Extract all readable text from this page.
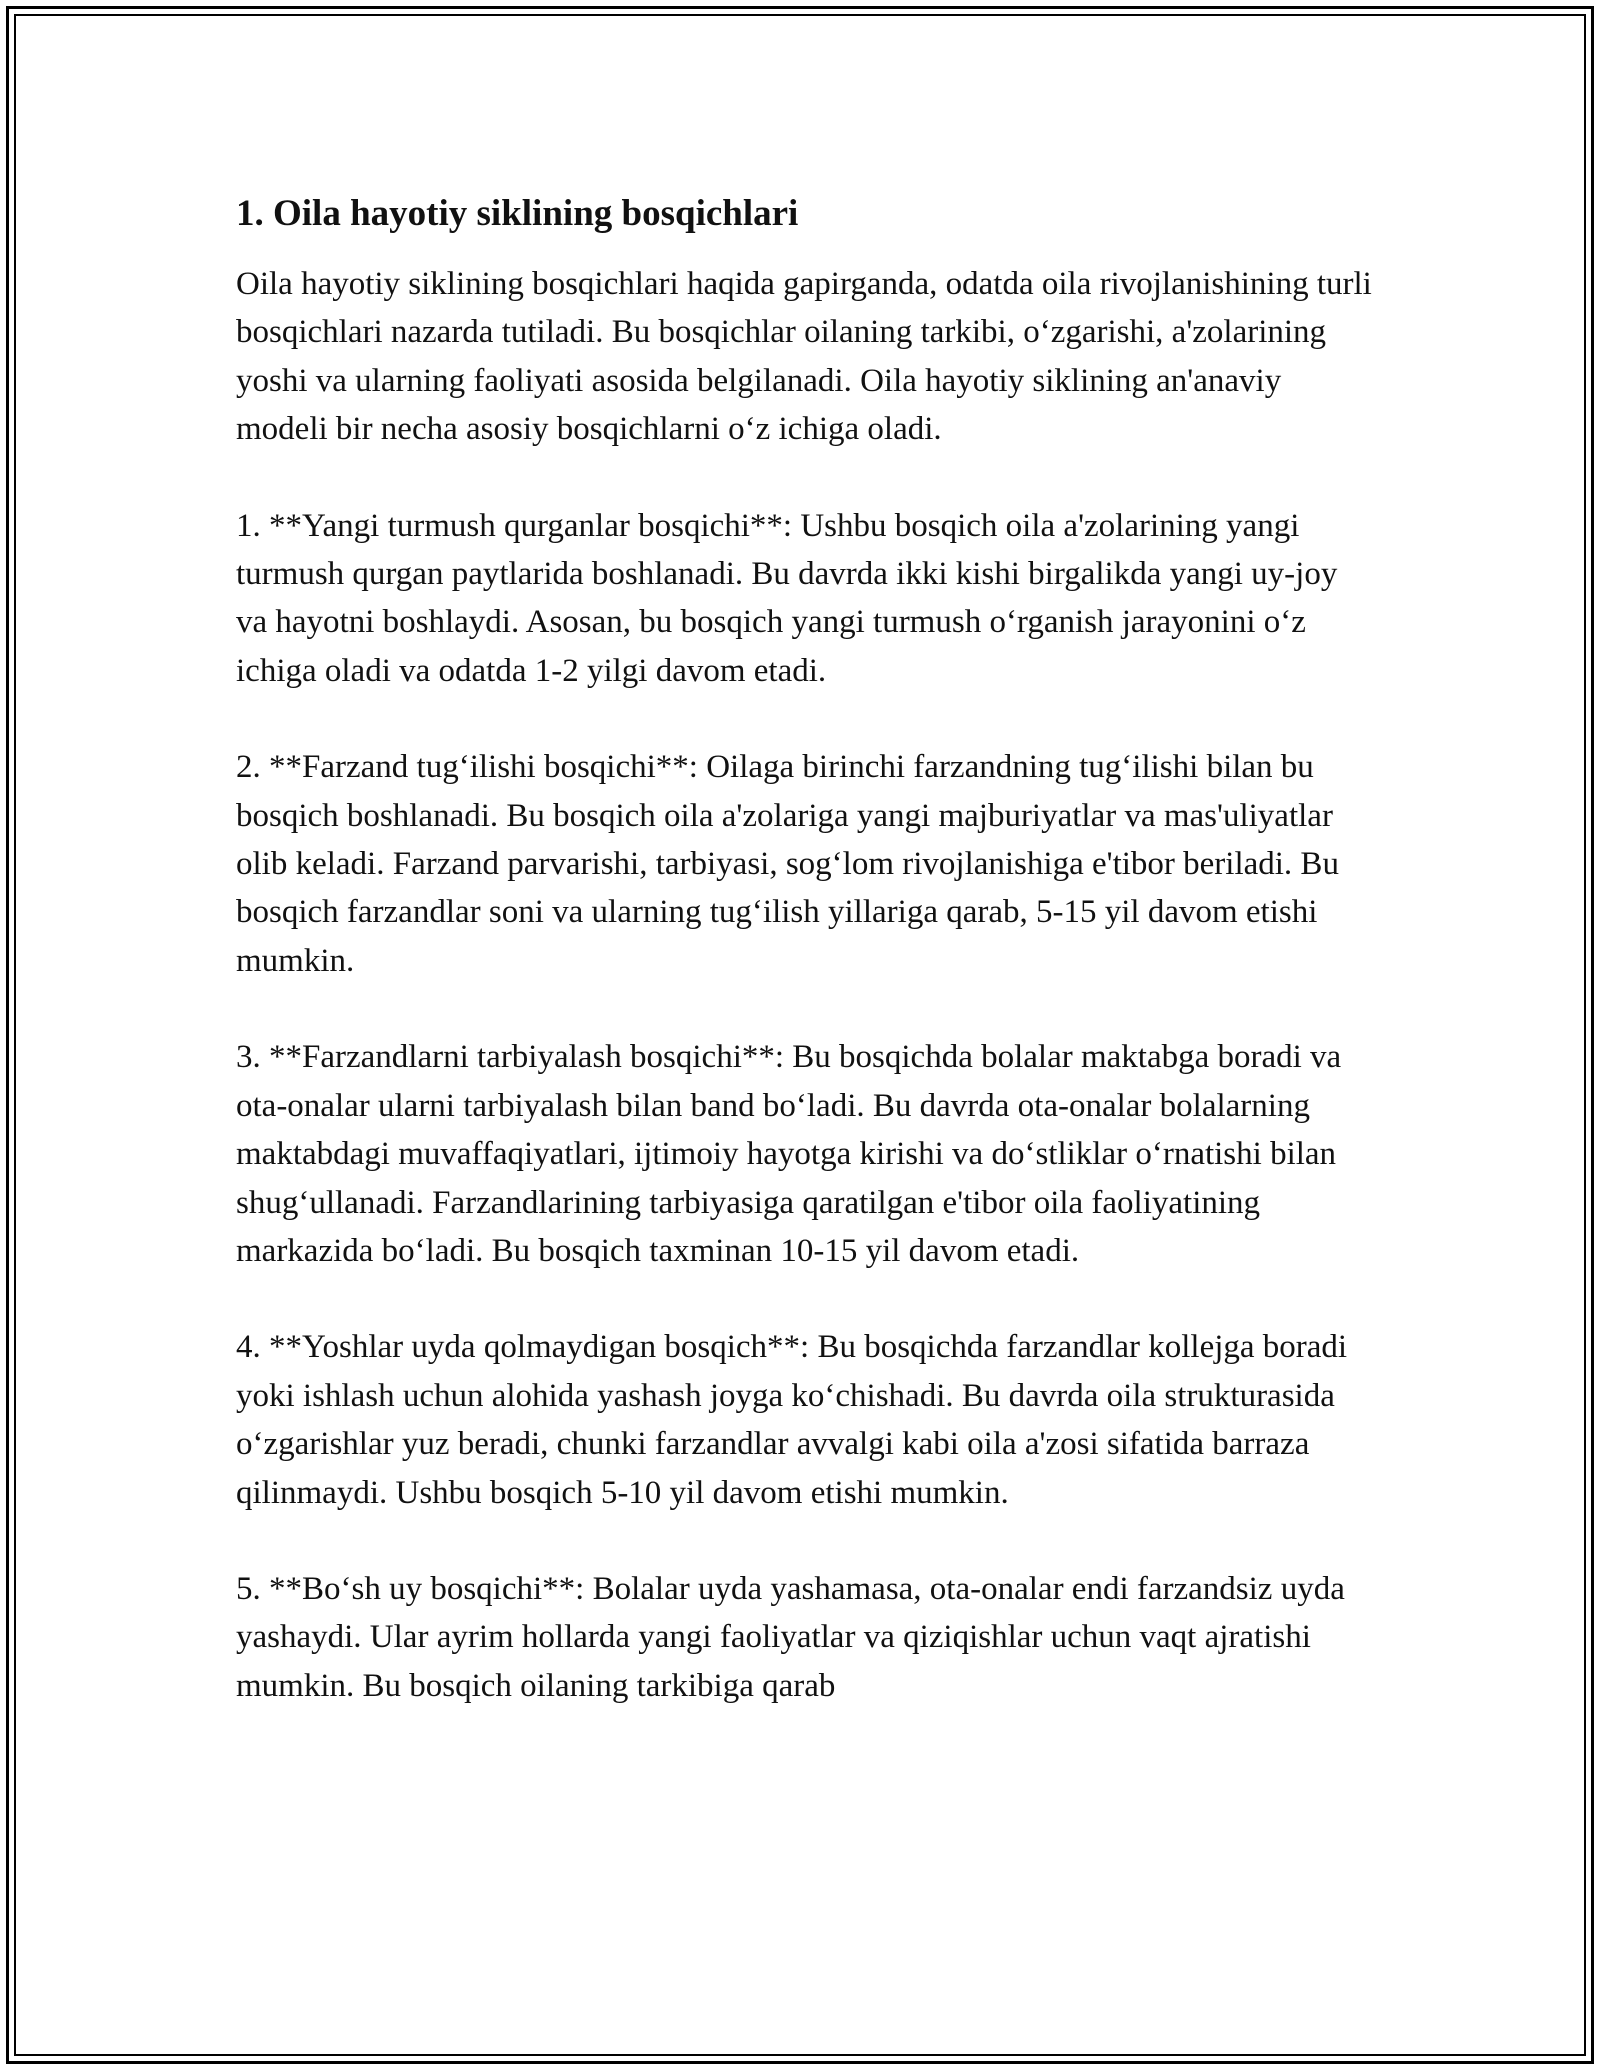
1. Oila hayotiy siklining bosqichlari

Oila hayotiy siklining bosqichlari haqida gapirganda, odatda oila rivojlanishining turli bosqichlari nazarda tutiladi. Bu bosqichlar oilaning tarkibi, o‘zgarishi, a'zolarining yoshi va ularning faoliyati asosida belgilanadi. Oila hayotiy siklining an'anaviy modeli bir necha asosiy bosqichlarni o‘z ichiga oladi.

1. **Yangi turmush qurganlar bosqichi**: Ushbu bosqich oila a'zolarining yangi turmush qurgan paytlarida boshlanadi. Bu davrda ikki kishi birgalikda yangi uy-joy va hayotni boshlaydi. Asosan, bu bosqich yangi turmush o‘rganish jarayonini o‘z ichiga oladi va odatda 1-2 yilgi davom etadi.

2. **Farzand tug‘ilishi bosqichi**: Oilaga birinchi farzandning tug‘ilishi bilan bu bosqich boshlanadi. Bu bosqich oila a'zolariga yangi majburiyatlar va mas'uliyatlar olib keladi. Farzand parvarishi, tarbiyasi, sog‘lom rivojlanishiga e'tibor beriladi. Bu bosqich farzandlar soni va ularning tug‘ilish yillariga qarab, 5-15 yil davom etishi mumkin.

3. **Farzandlarni tarbiyalash bosqichi**: Bu bosqichda bolalar maktabga boradi va ota-onalar ularni tarbiyalash bilan band bo‘ladi. Bu davrda ota-onalar bolalarning maktabdagi muvaffaqiyatlari, ijtimoiy hayotga kirishi va do‘stliklar o‘rnatishi bilan shug‘ullanadi. Farzandlarining tarbiyasiga qaratilgan e'tibor oila faoliyatining markazida bo‘ladi. Bu bosqich taxminan 10-15 yil davom etadi.

4. **Yoshlar uyda qolmaydigan bosqich**: Bu bosqichda farzandlar kollejga boradi yoki ishlash uchun alohida yashash joyga ko‘chishadi. Bu davrda oila strukturasida o‘zgarishlar yuz beradi, chunki farzandlar avvalgi kabi oila a'zosi sifatida barraza qilinmaydi. Ushbu bosqich 5-10 yil davom etishi mumkin.

5. **Bo‘sh uy bosqichi**: Bolalar uyda yashamasa, ota-onalar endi farzandsiz uyda yashaydi. Ular ayrim hollarda yangi faoliyatlar va qiziqishlar uchun vaqt ajratishi mumkin. Bu bosqich oilaning tarkibiga qarab
